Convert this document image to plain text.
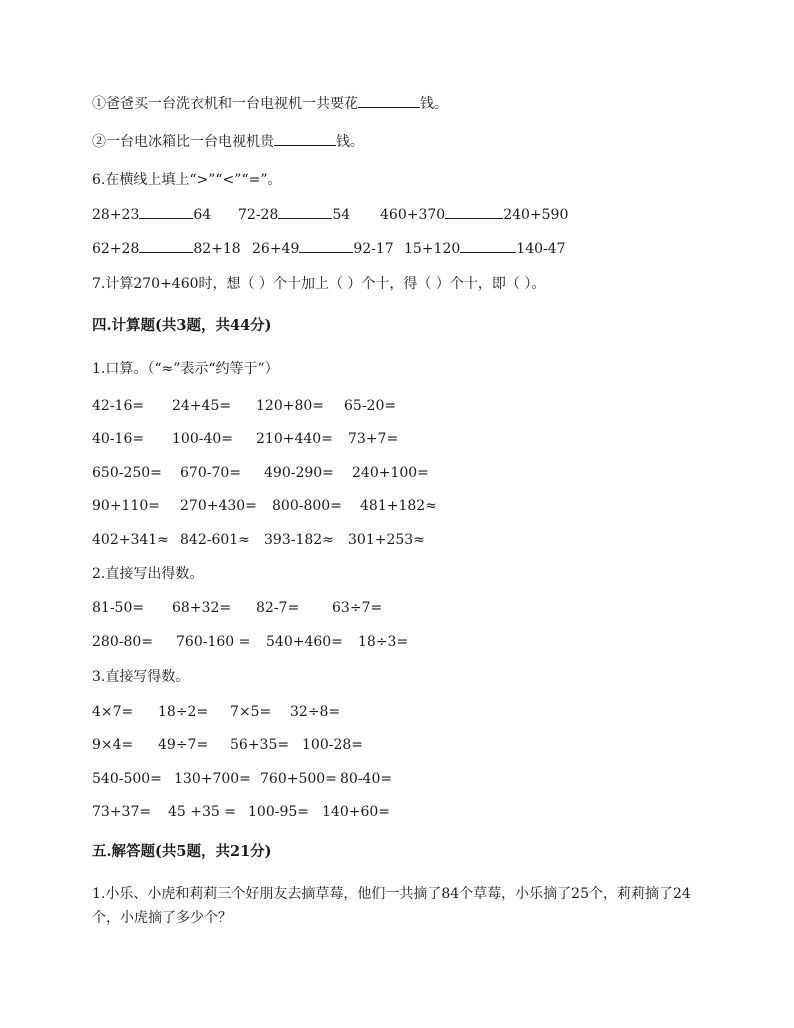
①爸爸买一台洗衣机和一台电视机一共要花	钱。
②一台电冰箱比一台电视机贵	钱。
6.在横线上填上“>”“<”“=”。
28+23	64 72-28	54 460+370	240+590
62+28	82+18 26+49	92-17 15+120	140-47
7.计算270+460时，想（ ）个十加上（ ）个十，得（ ）个十，即（ ）。
四.计算题(共3题，共44分)
1.口算。（“≈”表示“约等于”）
42-16= 24+45= 120+80= 65-20=
40-16= 100-40= 210+440= 73+7=
650-250= 670-70= 490-290= 240+100=
90+110= 270+430= 800-800= 481+182≈
402+341≈ 842-601≈ 393-182≈ 301+253≈
2.直接写出得数。
81-50= 68+32= 82-7= 63÷7=
280-80= 760-160 = 540+460= 18÷3=
3.直接写得数。
4×7= 18÷2= 7×5= 32÷8=
9×4= 49÷7= 56+35= 100-28=
540-500= 130+700= 760+500= 80-40=
73+37= 45 +35 = 100-95= 140+60=
五.解答题(共5题，共21分)
1.小乐、小虎和莉莉三个好朋友去摘草莓，他们一共摘了84个草莓，小乐摘了25个，莉莉摘了24个，小虎摘了多少个？
